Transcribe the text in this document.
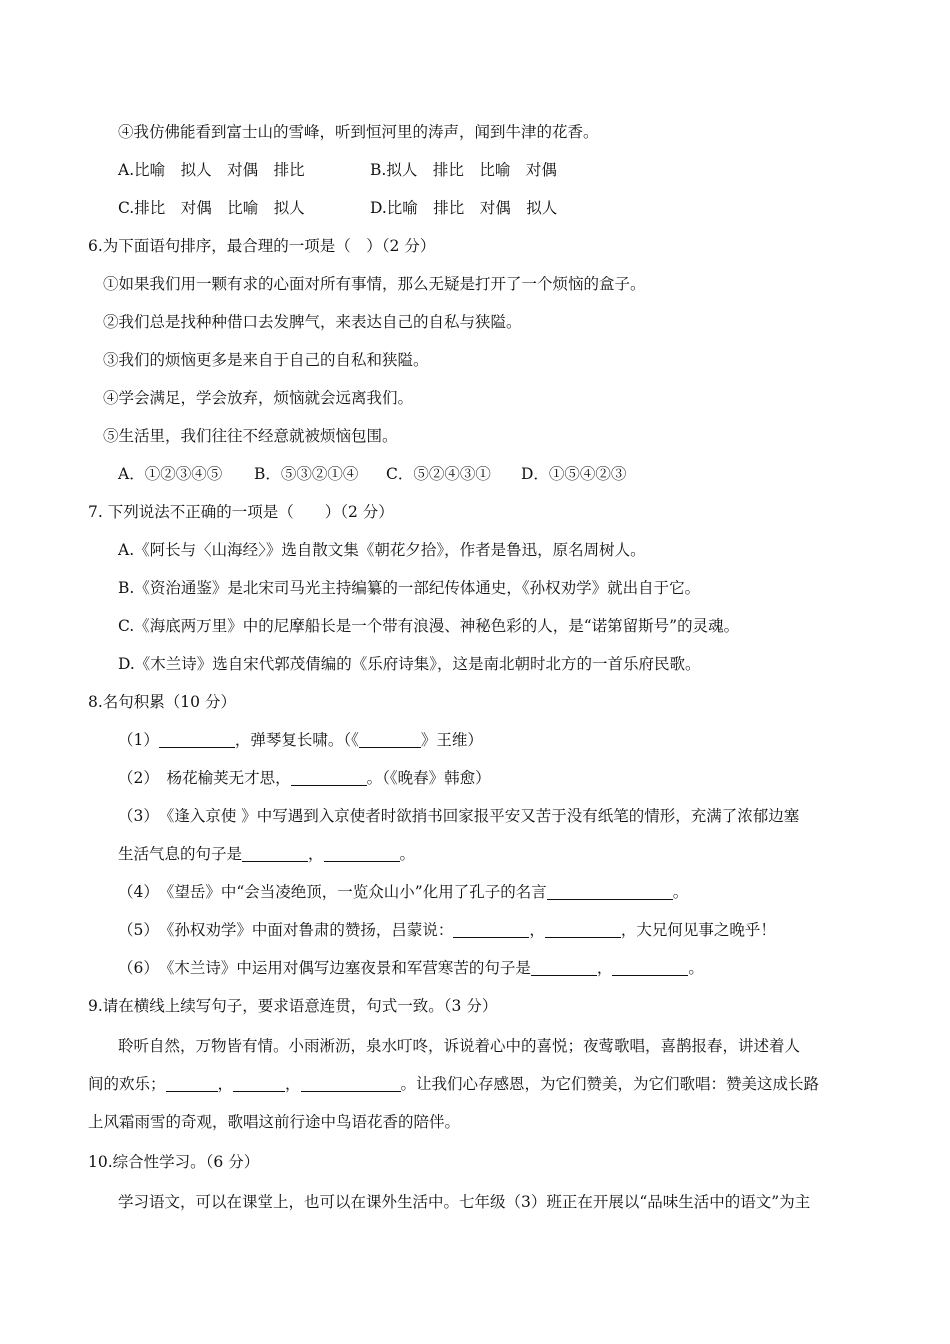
④我仿佛能看到富士山的雪峰，听到恒河里的涛声，闻到牛津的花香。
A.比喻　拟人　对偶　排比	B.拟人　排比　比喻　对偶
C.排比　对偶　比喻　拟人	D.比喻　排比　对偶　拟人
6.为下面语句排序，最合理的一项是（　）（2 分）
①如果我们用一颗有求的心面对所有事情，那么无疑是打开了一个烦恼的盒子。
②我们总是找种种借口去发脾气，来表达自己的自私与狭隘。
③我们的烦恼更多是来自于自己的自私和狭隘。
④学会满足，学会放弃，烦恼就会远离我们。
⑤生活里，我们往往不经意就被烦恼包围。
A．①②③④⑤ B．⑤③②①④ C．⑤②④③① D．①⑤④②③
7. 下列说法不正确的一项是（　　）（2 分）
A.《阿长与〈山海经〉》选自散文集《朝花夕拾》，作者是鲁迅，原名周树人。
B.《资治通鉴》是北宋司马光主持编纂的一部纪传体通史，《孙权劝学》就出自于它。
C.《海底两万里》中的尼摩船长是一个带有浪漫、神秘色彩的人，是“诺第留斯号”的灵魂。
D.《木兰诗》选自宋代郭茂倩编的《乐府诗集》，这是南北朝时北方的一首乐府民歌。
8.名句积累（10 分）
（1）	，弹琴复长啸。（《	》王维）
（2）　杨花榆荚无才思，	。（《晚春》韩愈）
（3）　《逢入京使 》中写遇到入京使者时欲捎书回家报平安又苦于没有纸笔的情形，充满了浓郁边塞
生活气息的句子是	，	。
（4）　《望岳》中“会当凌绝顶，一览众山小”化用了孔子的名言	。
（5）　《孙权劝学》中面对鲁肃的赞扬，吕蒙说：	，	，大兄何见事之晚乎！
（6）　《木兰诗》中运用对偶写边塞夜景和军营寒苦的句子是	，	。
9.请在横线上续写句子，要求语意连贯，句式一致。（3 分）
聆听自然，万物皆有情。小雨淅沥，泉水叮咚，诉说着心中的喜悦；夜莺歌唱，喜鹊报春，讲述着人
间的欢乐；	，	，	。让我们心存感恩，为它们赞美，为它们歌唱：赞美这成长路
上风霜雨雪的奇观，歌唱这前行途中鸟语花香的陪伴。
10.综合性学习。（6 分）
学习语文，可以在课堂上，也可以在课外生活中。七年级（3）班正在开展以“品味生活中的语文”为主
